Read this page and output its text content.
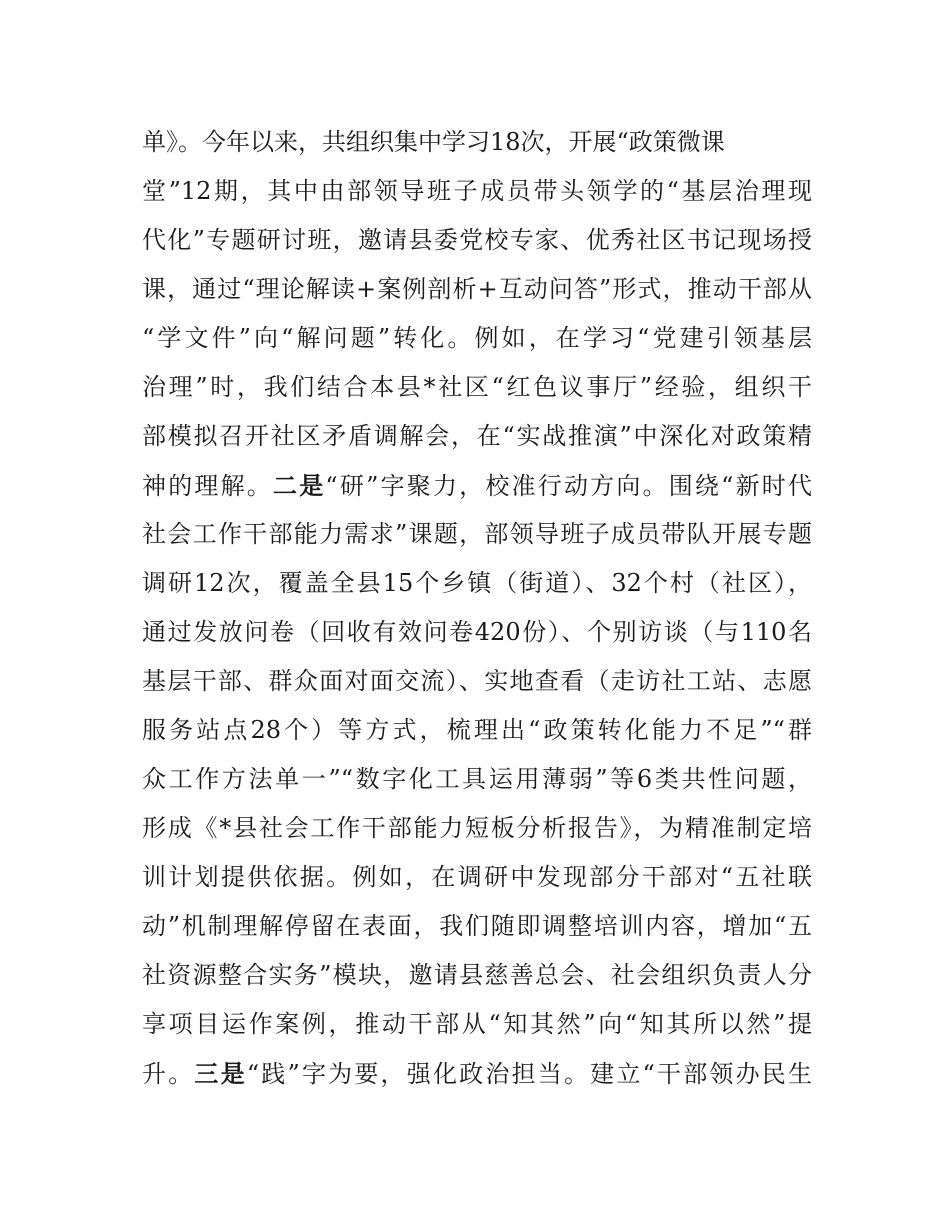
单》。今年以来，共组织集中学习18次，开展“政策微课
堂”12期，其中由部领导班子成员带头领学的“基层治理现
代化”专题研讨班，邀请县委党校专家、优秀社区书记现场授
课，通过“理论解读+案例剖析+互动问答”形式，推动干部从
“学文件”向“解问题”转化。例如，在学习“党建引领基层
治理”时，我们结合本县*社区“红色议事厅”经验，组织干
部模拟召开社区矛盾调解会，在“实战推演”中深化对政策精
神的理解。二是“研”字聚力，校准行动方向。围绕“新时代
社会工作干部能力需求”课题，部领导班子成员带队开展专题
调研12次，覆盖全县15个乡镇（街道）、32个村（社区），
通过发放问卷（回收有效问卷420份）、个别访谈（与110名
基层干部、群众面对面交流）、实地查看（走访社工站、志愿
服务站点28个）等方式，梳理出“政策转化能力不足”“群
众工作方法单一”“数字化工具运用薄弱”等6类共性问题，
形成《*县社会工作干部能力短板分析报告》，为精准制定培
训计划提供依据。例如，在调研中发现部分干部对“五社联
动”机制理解停留在表面，我们随即调整培训内容，增加“五
社资源整合实务”模块，邀请县慈善总会、社会组织负责人分
享项目运作案例，推动干部从“知其然”向“知其所以然”提
升。三是“践”字为要，强化政治担当。建立“干部领办民生
